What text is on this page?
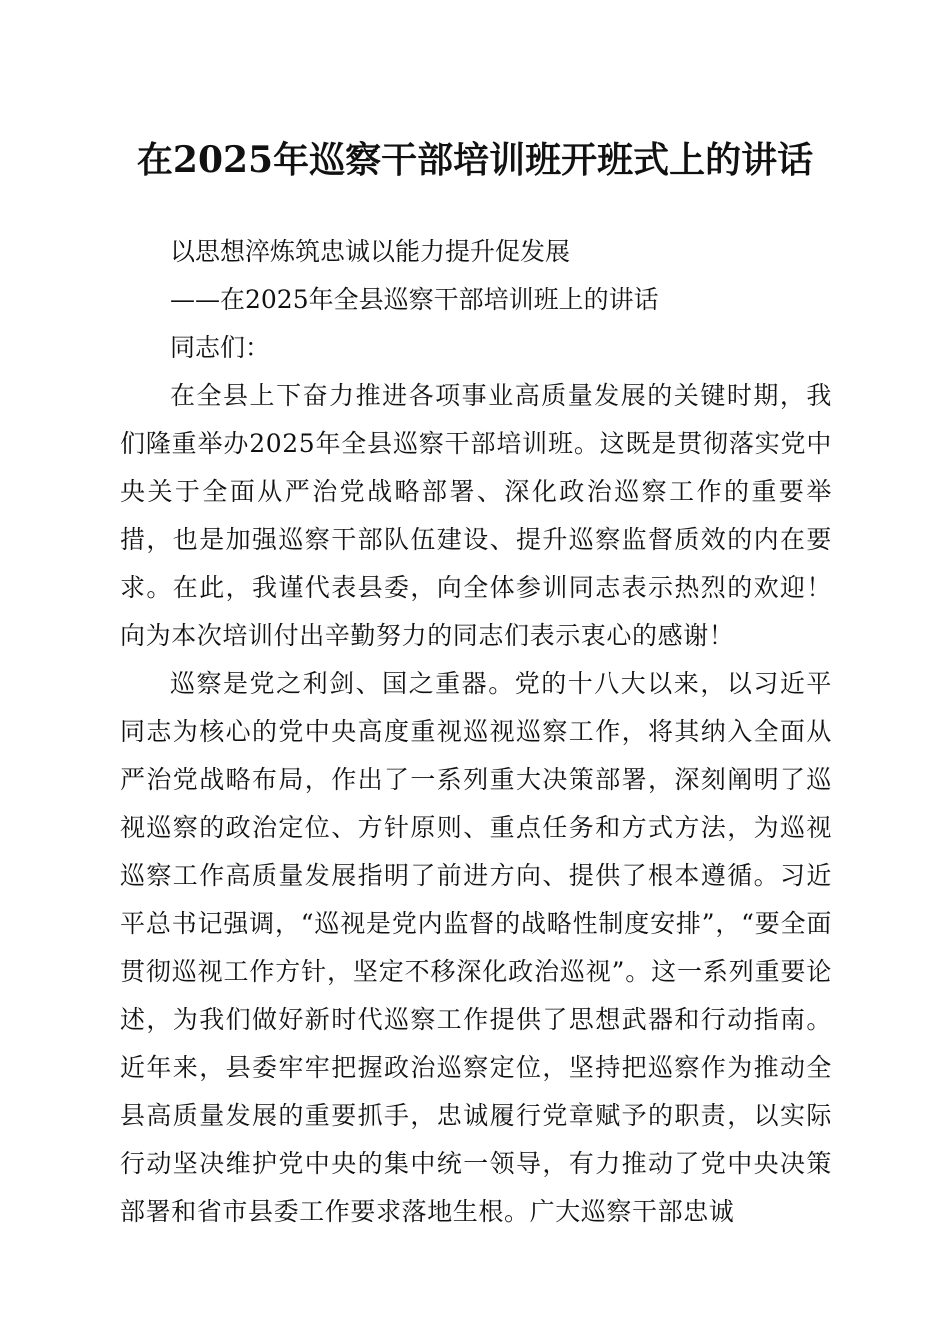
在2025年巡察干部培训班开班式上的讲话

以思想淬炼筑忠诚以能力提升促发展

——在2025年全县巡察干部培训班上的讲话

同志们：

在全县上下奋力推进各项事业高质量发展的关键时期，我们隆重举办2025年全县巡察干部培训班。这既是贯彻落实党中央关于全面从严治党战略部署、深化政治巡察工作的重要举措，也是加强巡察干部队伍建设、提升巡察监督质效的内在要求。在此，我谨代表县委，向全体参训同志表示热烈的欢迎！向为本次培训付出辛勤努力的同志们表示衷心的感谢！

巡察是党之利剑、国之重器。党的十八大以来，以习近平同志为核心的党中央高度重视巡视巡察工作，将其纳入全面从严治党战略布局，作出了一系列重大决策部署，深刻阐明了巡视巡察的政治定位、方针原则、重点任务和方式方法，为巡视巡察工作高质量发展指明了前进方向、提供了根本遵循。习近平总书记强调，“巡视是党内监督的战略性制度安排”，“要全面贯彻巡视工作方针，坚定不移深化政治巡视”。这一系列重要论述，为我们做好新时代巡察工作提供了思想武器和行动指南。近年来，县委牢牢把握政治巡察定位，坚持把巡察作为推动全县高质量发展的重要抓手，忠诚履行党章赋予的职责，以实际行动坚决维护党中央的集中统一领导，有力推动了党中央决策部署和省市县委工作要求落地生根。广大巡察干部忠诚
